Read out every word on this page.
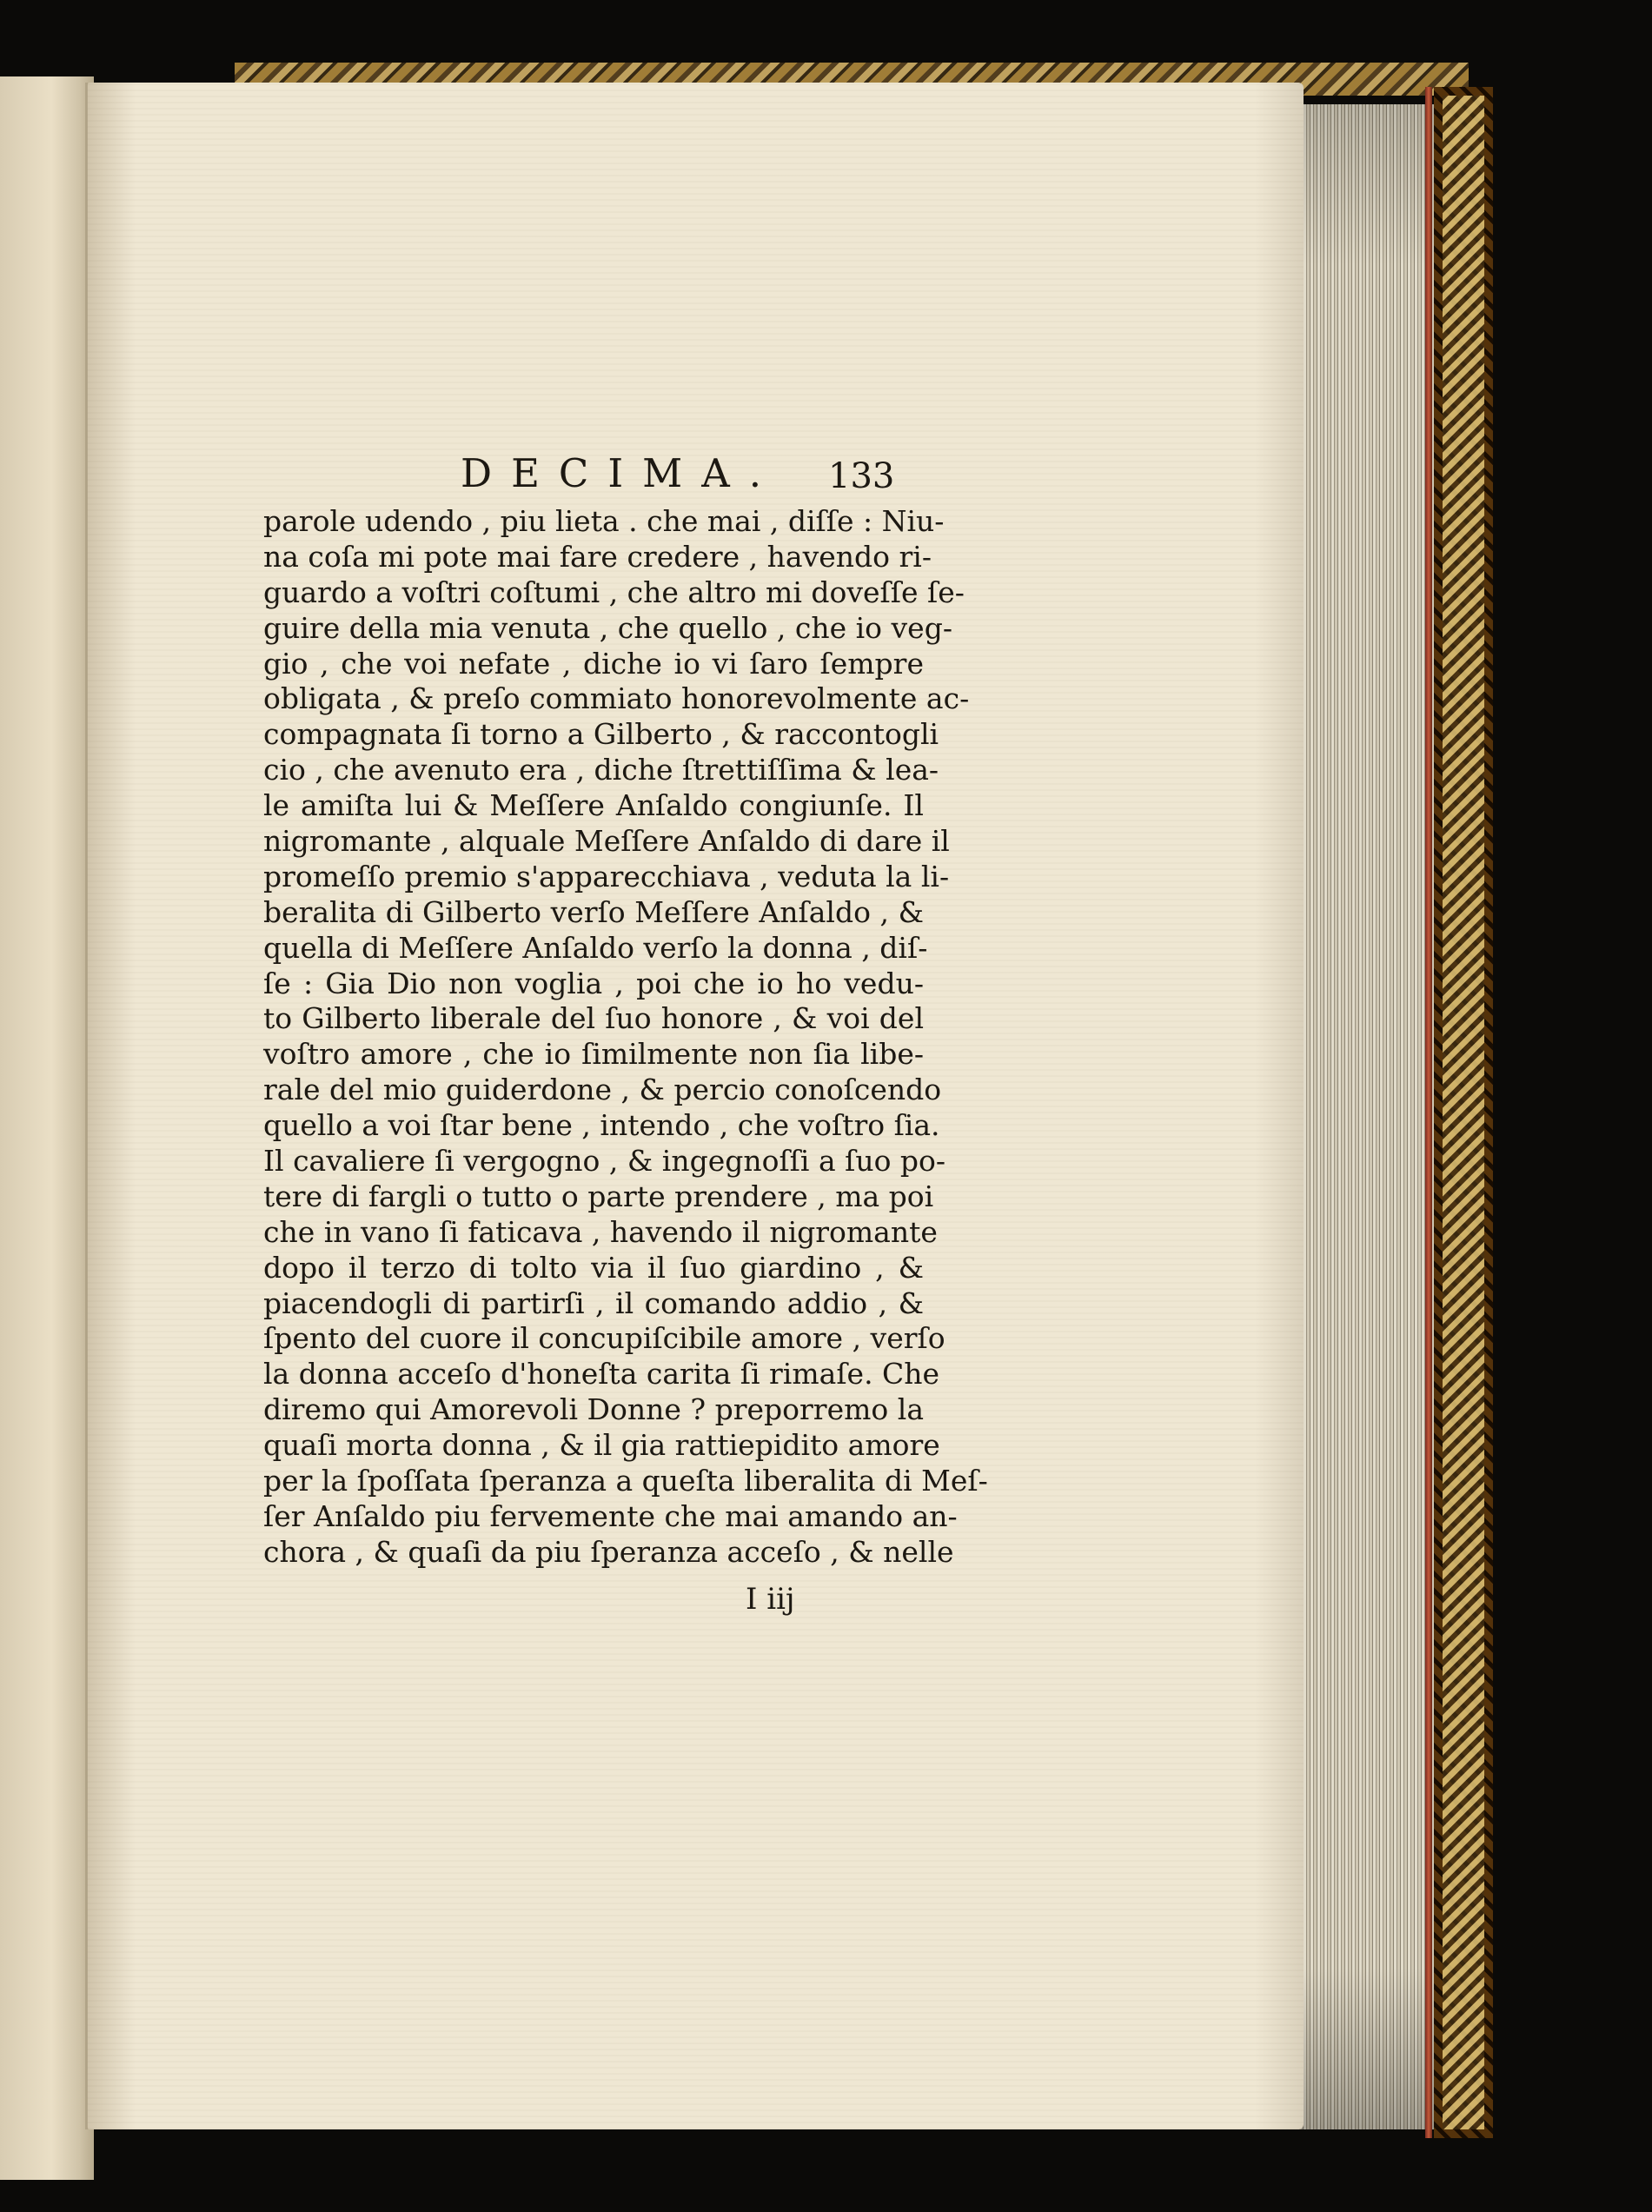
DECIMA. 133
parole udendo , piu lieta . che mai , diſſe : Niu-
na coſa mi pote mai fare credere , havendo ri-
guardo a voſtri coſtumi , che altro mi doveſſe ſe-
guire della mia venuta , che quello , che io veg-
gio , che voi nefate , diche io vi ſaro ſempre
obligata , & preſo commiato honorevolmente ac-
compagnata ſi torno a Gilberto , & raccontogli
cio , che avenuto era , diche ſtrettiſſima & lea-
le amiſta lui & Meſſere Anſaldo congiunſe. Il
nigromante , alquale Meſſere Anſaldo di dare il
promeſſo premio s'apparecchiava , veduta la li-
beralita di Gilberto verſo Meſſere Anſaldo , &
quella di Meſſere Anſaldo verſo la donna , diſ-
ſe : Gia Dio non voglia , poi che io ho vedu-
to Gilberto liberale del ſuo honore , & voi del
voſtro amore , che io ſimilmente non ſia libe-
rale del mio guiderdone , & percio conoſcendo
quello a voi ſtar bene , intendo , che voſtro ſia.
Il cavaliere ſi vergogno , & ingegnoſſi a ſuo po-
tere di fargli o tutto o parte prendere , ma poi
che in vano ſi faticava , havendo il nigromante
dopo il terzo di tolto via il ſuo giardino , &
piacendogli di partirſi , il comando addio , &
ſpento del cuore il concupiſcibile amore , verſo
la donna acceſo d'honeſta carita ſi rimaſe. Che
diremo qui Amorevoli Donne ? preporremo la
quaſi morta donna , & il gia rattiepidito amore
per la ſpoſſata ſperanza a queſta liberalita di Meſ-
ſer Anſaldo piu fervemente che mai amando an-
chora , & quaſi da piu ſperanza acceſo , & nelle
I iij
